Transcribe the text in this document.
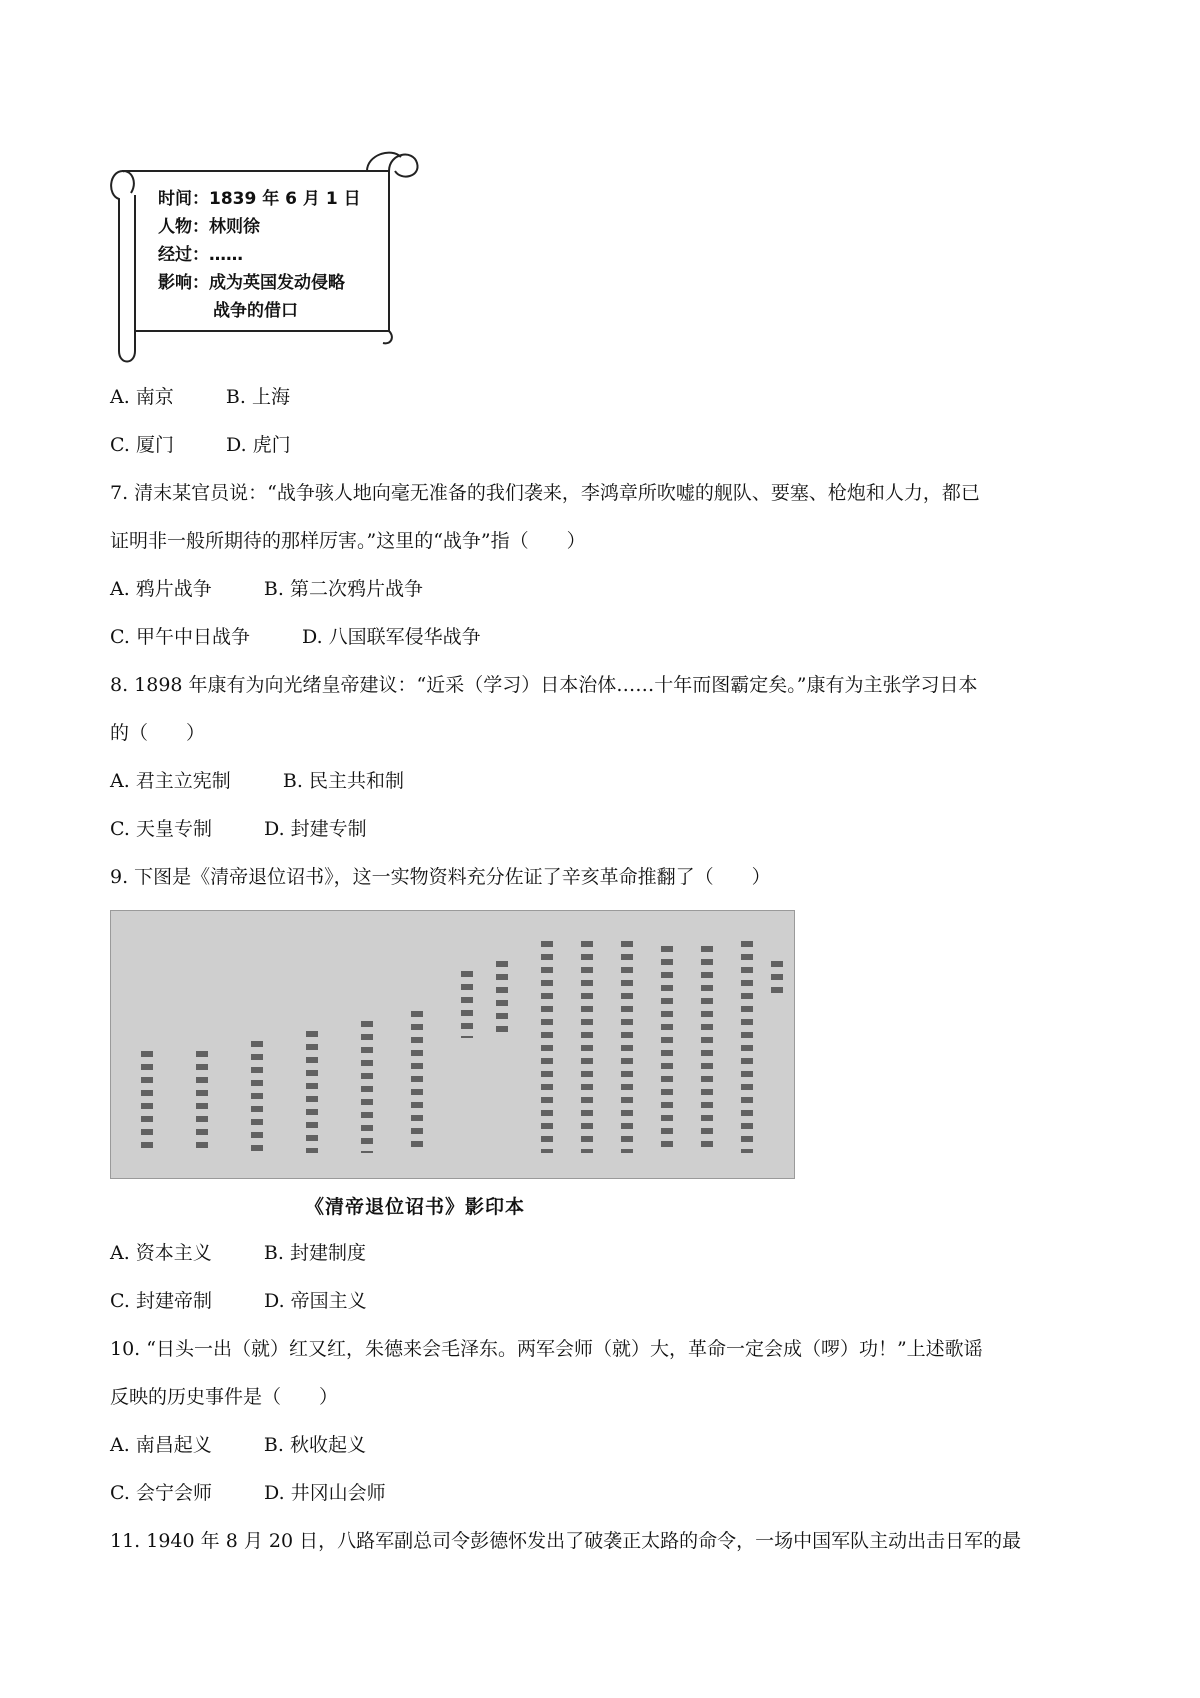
时间：1839 年 6 月 1 日
人物：林则徐
经过：……
影响：成为英国发动侵略
战争的借口
A. 南京	B. 上海
C. 厦门	D. 虎门
7. 清末某官员说：“战争骇人地向毫无准备的我们袭来，李鸿章所吹嘘的舰队、要塞、枪炮和人力，都已
证明非一般所期待的那样厉害。”这里的“战争”指（　　）
A. 鸦片战争	B. 第二次鸦片战争
C. 甲午中日战争	D. 八国联军侵华战争
8. 1898 年康有为向光绪皇帝建议：“近采（学习）日本治体……十年而图霸定矣。”康有为主张学习日本
的（　　）
A. 君主立宪制	B. 民主共和制
C. 天皇专制	D. 封建专制
9. 下图是《清帝退位诏书》，这一实物资料充分佐证了辛亥革命推翻了（　　）
《清帝退位诏书》影印本
A. 资本主义	B. 封建制度
C. 封建帝制	D. 帝国主义
10. “日头一出（就）红又红，朱德来会毛泽东。两军会师（就）大，革命一定会成（啰）功！”上述歌谣
反映的历史事件是（　　）
A. 南昌起义	B. 秋收起义
C. 会宁会师	D. 井冈山会师
11. 1940 年 8 月 20 日，八路军副总司令彭德怀发出了破袭正太路的命令，一场中国军队主动出击日军的最
